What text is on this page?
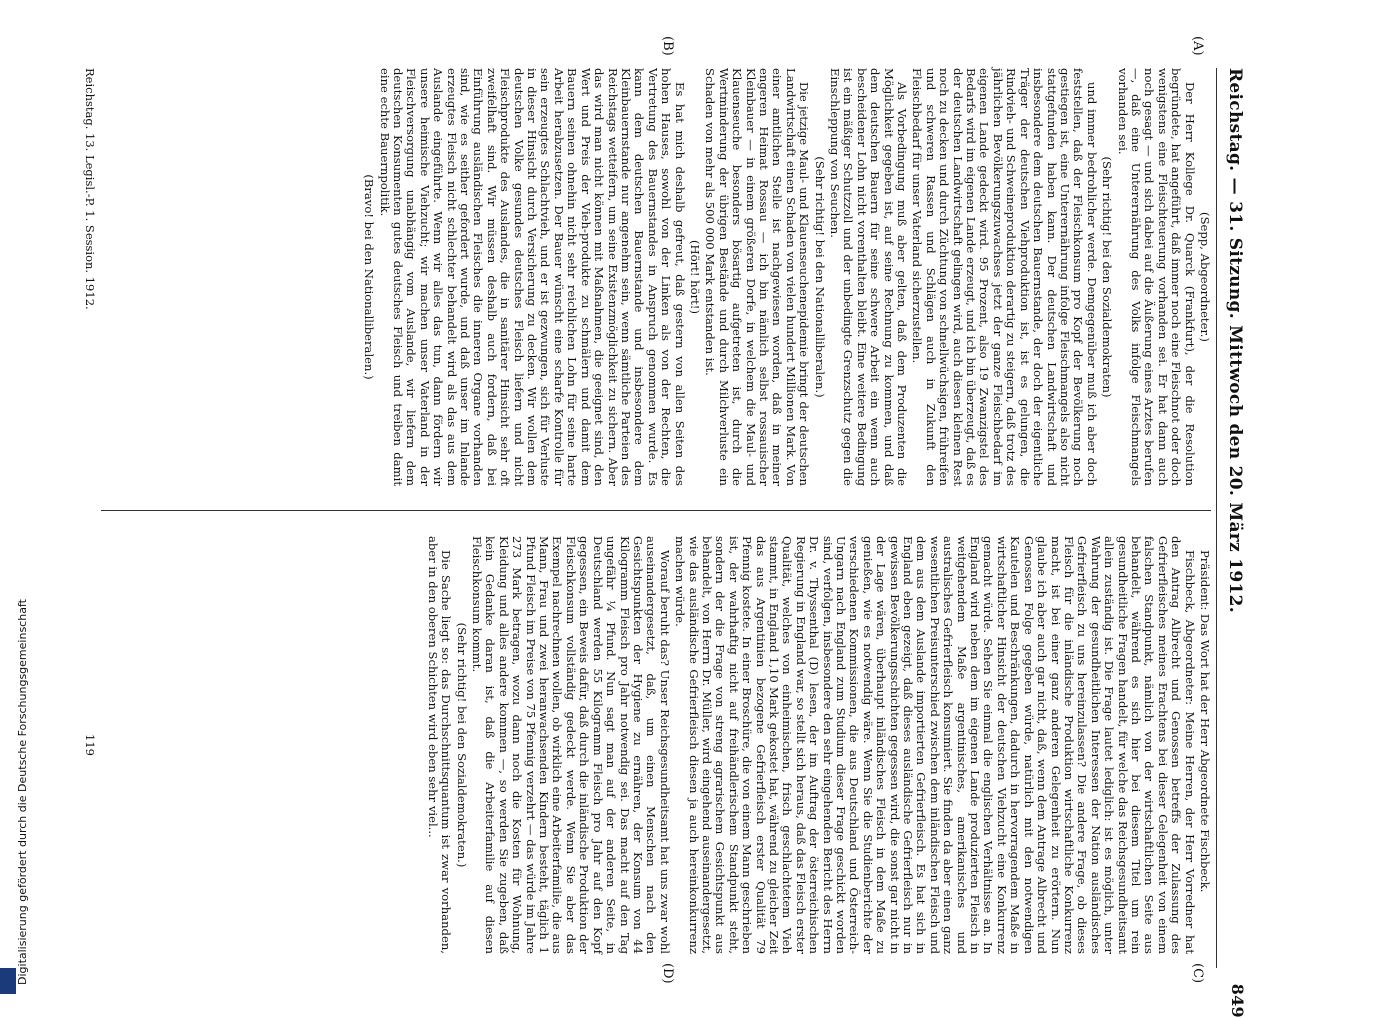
Reichstag. — 31. Sitzung. Mittwoch den 20. März 1912.
849
(A)
(B)
(C)
(D)

(Sepp, Abgeordneter.)

Der Herr Kollege Dr. Quarck (Frankfurt), der die Resolution begründete, hat angeführt, daß immer noch eine Fleischnot oder doch wenigstens eine Fleischteuerung vorhanden sei. Er hat dann auch noch gesagt — und sich dabei auf die Äußerung eines Arztes berufen —, daß eine Unterernährung des Volks infolge Fleischmangels vorhanden sei.

(Sehr richtig! bei den Sozialdemokraten)

und immer bedrohlicher werde. Demgegenüber muß ich aber doch feststellen, daß der Fleischkonsum pro Kopf der Bevölkerung noch gestiegen ist, eine Unterernährung infolge Fleischmangels also nicht stattgefunden haben kann. Der deutschen Landwirtschaft und insbesondere dem deutschen Bauernstande, der doch der eigentliche Träger der deutschen Viehproduktion ist, ist es gelungen, die Rindvieh- und Schweineproduktion derartig zu steigern, daß trotz des jährlichen Bevölkerungszuwachses jetzt der ganze Fleischbedarf im eigenen Lande gedeckt wird. 95 Prozent, also 19 Zwanzigstel des Bedarfs wird im eigenen Lande erzeugt, und ich bin überzeugt, daß es der deutschen Landwirtschaft gelingen wird, auch diesen kleinen Rest noch zu decken und durch Züchtung von schnellwüchsigen, frühreifen und schweren Rassen und Schlägen auch in Zukunft den Fleischbedarf für unser Vaterland sicherzustellen.

Als Vorbedingung muß aber gelten, daß dem Produzenten die Möglichkeit gegeben ist, auf seine Rechnung zu kommen, und daß dem deutschen Bauern für seine schwere Arbeit ein wenn auch bescheidener Lohn nicht vorenthalten bleibt. Eine weitere Bedingung ist ein mäßiger Schutzzoll und der unbedingte Grenzschutz gegen die Einschleppung von Seuchen.

(Sehr richtig! bei den Nationalliberalen.)

Die jetzige Maul- und Klauenseuchenepidemie bringt der deutschen Landwirtschaft einen Schaden von vielen hundert Millionen Mark. Von einer amtlichen Stelle ist nachgewiesen worden, daß in meiner engeren Heimat Rossau — ich bin nämlich selbst rossauischer Kleinbauer — in einem größeren Dorfe, in welchem die Maul- und Klauenseuche besonders bösartig aufgetreten ist, durch die Wertminderung der übrigen Bestände und durch Milchverluste ein Schaden von mehr als 500 000 Mark entstanden ist.

(Hört! hört!)

Es hat mich deshalb gefreut, daß gestern von allen Seiten des hohen Hauses, sowohl von der Linken als von der Rechten, die Vertretung des Bauernstandes in Anspruch genommen wurde. Es kann dem deutschen Bauernstande und insbesondere dem Kleinbauernstande nur angenehm sein, wenn sämtliche Parteien des Reichstags wetteifern, um seine Existenzmöglichkeit zu sichern. Aber das wird man nicht können mit Maßnahmen, die geeignet sind, den Wert und Preis der Vieh-produkte zu schmälern und damit dem Bauern seinen ohnehin nicht sehr reichlichen Lohn für seine harte Arbeit herabzusetzen. Der Bauer wünscht eine scharfe Kontrolle für sein erzeugtes Schlachtvieh, und er ist gezwungen, sich für Verluste in dieser Hinsicht durch Versicherung zu decken. Wir wollen dem deutschen Volke gesundes deutsches Fleisch liefern und nicht Fleischprodukte des Auslandes, die in sanitärer Hinsicht sehr oft zweifelhaft sind. Wir müssen deshalb auch fordern, daß bei Einführung ausländischen Fleisches die inneren Organe vorhanden sind, wie es seither gefordert wurde, und daß unser im Inlande erzeugtes Fleisch nicht schlechter behandelt wird als das aus dem Auslande eingeführte. Wenn wir alles das tun, dann fördern wir unsere heimische Viehzucht; wir machen unser Vaterland in der Fleischversorgung unabhängig vom Auslande, wir liefern dem deutschen Konsumenten gutes deutsches Fleisch und treiben damit eine echte Bauernpolitik.

(Bravo! bei den Nationalliberalen.)

Präsident: Das Wort hat der Herr Abgeordnete Fischbeck.

Fischbeck, Abgeordneter: Meine Herren, der Herr Vorredner hat den Antrag Albrecht und Genossen betreffs der Zulassung des Gefrierfleisches meines Erachtens bei dieser Gelegenheit von einem falschen Standpunkt, nämlich von der wirtschaftlichen Seite aus behandelt, während es sich hier bei diesem Titel um rein gesundheitliche Fragen handelt, für welche das Reichsgesundheitsamt allein zuständig ist. Die Frage lautet lediglich: ist es möglich, unter Wahrung der gesundheitlichen Interessen der Nation ausländisches Gefrierfleisch zu uns hereinzulassen? Die andere Frage, ob dieses Fleisch für die inländische Produktion wirtschaftliche Konkurrenz macht, ist bei einer ganz anderen Gelegenheit zu erörtern. Nun glaube ich aber auch gar nicht, daß, wenn dem Antrage Albrecht und Genossen Folge gegeben würde, natürlich mit den notwendigen Kautelen und Beschränkungen, dadurch in hervorragendem Maße in wirtschaftlicher Hinsicht der deutschen Viehzucht eine Konkurrenz gemacht würde. Sehen Sie einmal die englischen Verhältnisse an. In England wird neben dem im eigenen Lande produzierten Fleisch in weitgehendem Maße argentinisches, amerikanisches und australisches Gefrierfleisch konsumiert. Sie finden da aber einen ganz wesentlichen Preisunterschied zwischen dem inländischen Fleisch und dem aus dem Auslande importierten Gefrierfleisch. Es hat sich in England eben gezeigt, daß dieses ausländische Gefrierfleisch nur in gewissen Bevölkerungsschichten gegessen wird, die sonst gar nicht in der Lage wären, überhaupt inländisches Fleisch in dem Maße zu genießen, wie es notwendig wäre. Wenn Sie die Studienberichte der verschiedenen Kommissionen, die aus Deutschland und Österreich-Ungarn nach England zum Studium dieser Frage geschickt worden sind, verfolgen, insbesondere den sehr eingehenden Bericht des Herrn Dr. v. Thyssenthal (D) lesen, der im Auftrag der österreichischen Regierung in England war, so stellt sich heraus, daß das Fleisch erster Qualität, welches von einheimischen, frisch geschlachtetem Vieh stammt, in England 1,10 Mark gekostet hat, während zu gleicher Zeit das aus Argentinien bezogene Gefrierfleisch erster Qualität 79 Pfennig kostete. In einer Broschüre, die von einem Mann geschrieben ist, der wahrhaftig nicht auf freihändlerischem Standpunkt steht, sondern der die Frage von streng agrarischem Gesichtspunkt aus behandelt, von Herrn Dr. Müller, wird eingehend auseinandergesetzt, wie das ausländische Gefrierfleisch diesen ja auch hereinkonkurrenz machen würde.

Worauf beruht das? Unser Reichsgesundheitsamt hat uns zwar wohl auseinandergesetzt, daß, um einen Menschen nach den Gesichtspunkten der Hygiene zu ernähren, der Konsum von 44 Kilogramm Fleisch pro Jahr notwendig sei. Das macht auf den Tag ungefähr ¼ Pfund. Nun sagt man auf der anderen Seite, in Deutschland werden 55 Kilogramm Fleisch pro Jahr auf den Kopf gegessen, ein Beweis dafür, daß durch die inländische Produktion der Fleischkonsum vollständig gedeckt werde. Wenn Sie aber das Exempel nachrechnen wollen, ob wirklich eine Arbeiterfamilie, die aus Mann, Frau und zwei heranwachsenden Kindern besteht, täglich 1 Pfund Fleisch im Preise von 75 Pfennig verzehrt — das würde im Jahre 273 Mark betragen, wozu dann noch die Kosten für Wohnung, Kleidung und alles andere kommen —, so werden Sie zugeben, daß kein Gedanke daran ist, daß die Arbeiterfamilie auf diesen Fleischkonsum kommt.

(Sehr richtig! bei den Sozialdemokraten.)

Die Sache liegt so: das Durchschnittsquantum ist zwar vorhanden, aber in den oberen Schichten wird eben sehr viel...

Reichstag. 13. Legisl.-P. 1. Session. 1912.
119
Digitalisierung gefördert durch die Deutsche Forschungsgemeinschaft
